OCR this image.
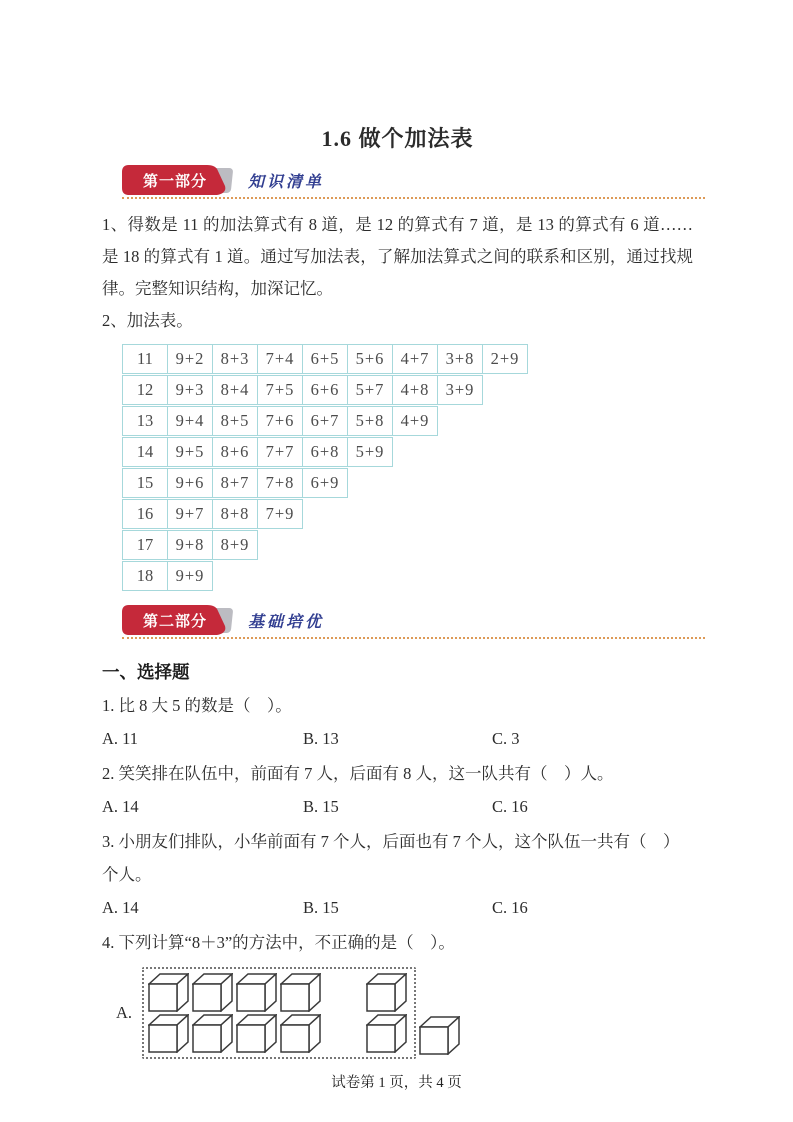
1.6 做个加法表
第一部分	知识清单

1、得数是 11 的加法算式有 8 道，是 12 的算式有 7 道，是 13 的算式有 6 道……是 18 的算式有 1 道。通过写加法表，了解加法算式之间的联系和区别，通过找规律。完整知识结构，加深记忆。

2、加法表。

11	9+2 8+3 7+4 6+5 5+6 4+7 3+8 2+9
12	9+3 8+4 7+5 6+6 5+7 4+8 3+9
13	9+4 8+5 7+6 6+7 5+8 4+9
14	9+5 8+6 7+7 6+8 5+9
15	9+6 8+7 7+8 6+9
16	9+7 8+8 7+9
17	9+8 8+9
18	9+9
第二部分	基础培优
一、选择题
1. 比 8 大 5 的数是（　）。
A. 11	B. 13	C. 3
2. 笑笑排在队伍中，前面有 7 人，后面有 8 人，这一队共有（　）人。
A. 14	B. 15	C. 16
3. 小朋友们排队，小华前面有 7 个人，后面也有 7 个人，这个队伍一共有（　）个人。
A. 14	B. 15	C. 16
4. 下列计算“8＋3”的方法中，不正确的是（　）。
A.
试卷第 1 页，共 4 页
